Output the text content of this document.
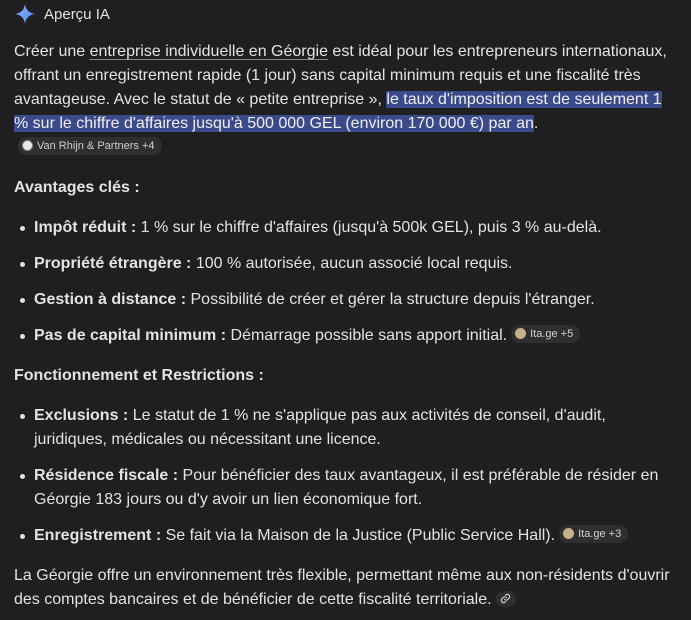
Aperçu IA

Créer une entreprise individuelle en Géorgie est idéal pour les entrepreneurs internationaux, offrant un enregistrement rapide (1 jour) sans capital minimum requis et une fiscalité très avantageuse. Avec le statut de « petite entreprise », le taux d'imposition est de seulement 1 % sur le chiffre d'affaires jusqu'à 500 000 GEL (environ 170 000 €) par an.
Van Rhijn & Partners +4

Avantages clés :
Impôt réduit : 1 % sur le chiffre d'affaires (jusqu'à 500k GEL), puis 3 % au-delà.
Propriété étrangère : 100 % autorisée, aucun associé local requis.
Gestion à distance : Possibilité de créer et gérer la structure depuis l'étranger.
Pas de capital minimum : Démarrage possible sans apport initial. Ita.ge +5
Fonctionnement et Restrictions :
Exclusions : Le statut de 1 % ne s'applique pas aux activités de conseil, d'audit, juridiques, médicales ou nécessitant une licence.
Résidence fiscale : Pour bénéficier des taux avantageux, il est préférable de résider en Géorgie 183 jours ou d'y avoir un lien économique fort.
Enregistrement : Se fait via la Maison de la Justice (Public Service Hall). Ita.ge +3

La Géorgie offre un environnement très flexible, permettant même aux non-résidents d'ouvrir des comptes bancaires et de bénéficier de cette fiscalité territoriale.
